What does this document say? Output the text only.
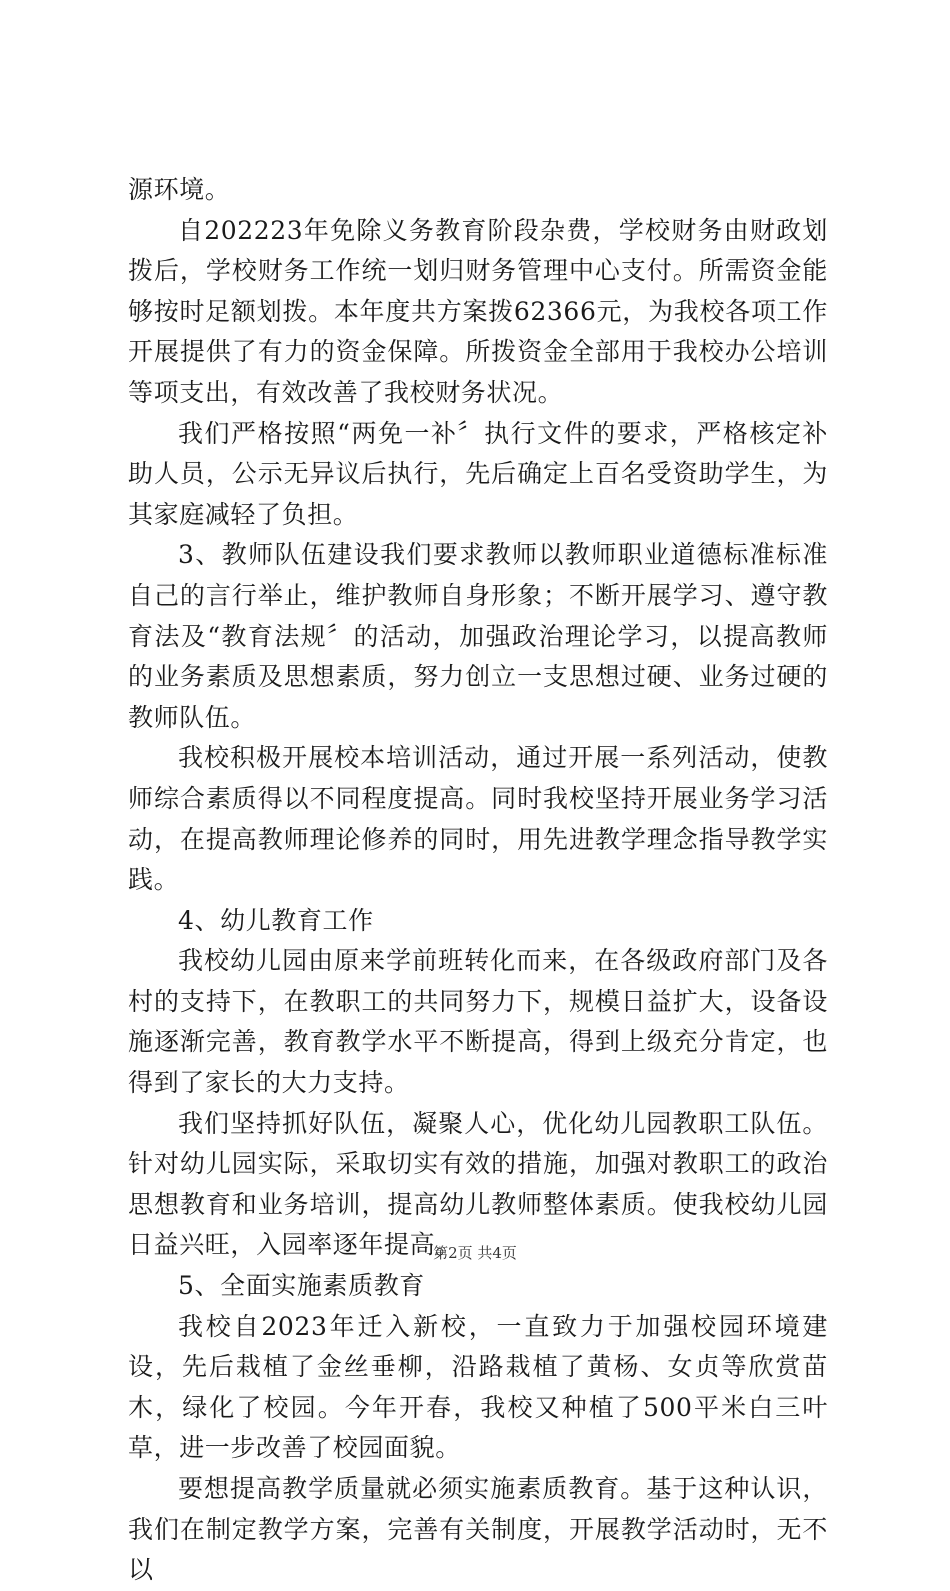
源环境。

自202223年免除义务教育阶段杂费，学校财务由财政划拨后，学校财务工作统一划归财务管理中心支付。所需资金能够按时足额划拨。本年度共方案拨62366元，为我校各项工作开展提供了有力的资金保障。所拨资金全部用于我校办公培训等项支出，有效改善了我校财务状况。

我们严格按照“两免一补〞执行文件的要求，严格核定补助人员，公示无异议后执行，先后确定上百名受资助学生，为其家庭减轻了负担。

3、教师队伍建设我们要求教师以教师职业道德标准标准自己的言行举止，维护教师自身形象；不断开展学习、遵守教育法及“教育法规〞的活动，加强政治理论学习，以提高教师的业务素质及思想素质，努力创立一支思想过硬、业务过硬的教师队伍。

我校积极开展校本培训活动，通过开展一系列活动，使教师综合素质得以不同程度提高。同时我校坚持开展业务学习活动，在提高教师理论修养的同时，用先进教学理念指导教学实践。

4、幼儿教育工作

我校幼儿园由原来学前班转化而来，在各级政府部门及各村的支持下，在教职工的共同努力下，规模日益扩大，设备设施逐渐完善，教育教学水平不断提高，得到上级充分肯定，也得到了家长的大力支持。

我们坚持抓好队伍，凝聚人心，优化幼儿园教职工队伍。针对幼儿园实际，采取切实有效的措施，加强对教职工的政治思想教育和业务培训，提高幼儿教师整体素质。使我校幼儿园日益兴旺，入园率逐年提高。

5、全面实施素质教育

我校自2023年迁入新校，一直致力于加强校园环境建设，先后栽植了金丝垂柳，沿路栽植了黄杨、女贞等欣赏苗木，绿化了校园。今年开春，我校又种植了500平米白三叶草，进一步改善了校园面貌。

要想提高教学质量就必须实施素质教育。基于这种认识，我们在制定教学方案，完善有关制度，开展教学活动时，无不以

第2页 共4页
